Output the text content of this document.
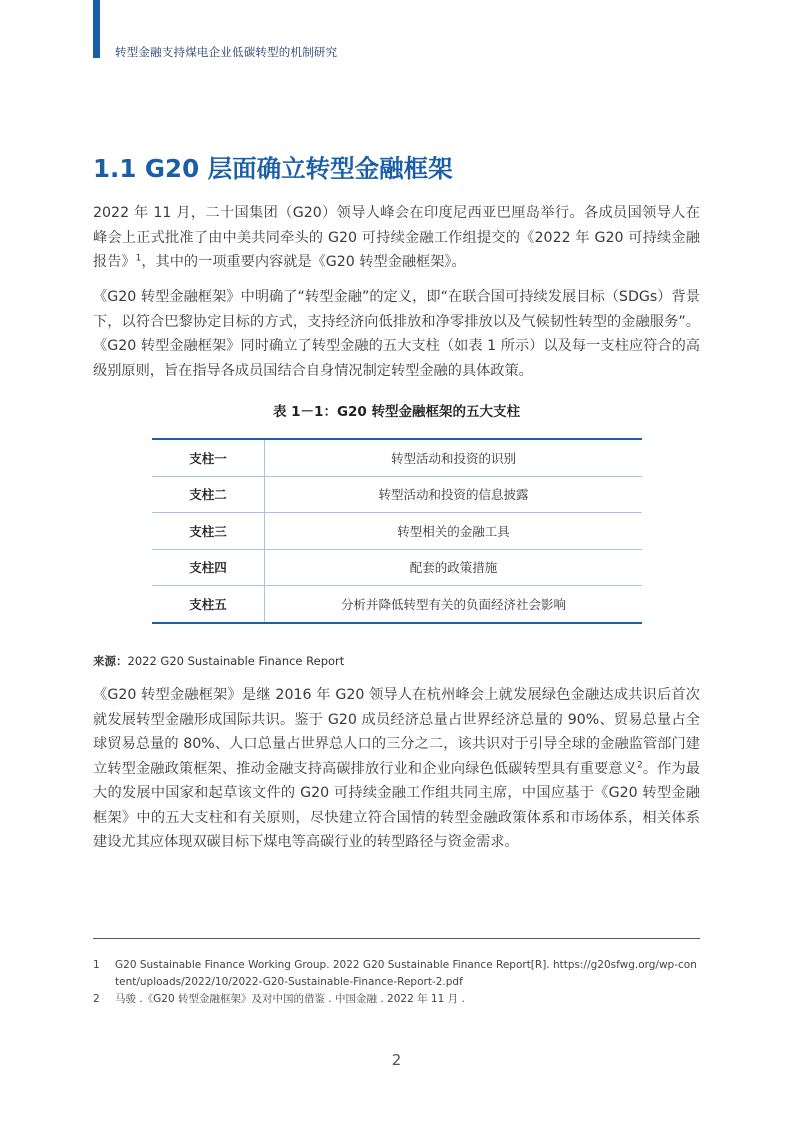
转型金融支持煤电企业低碳转型的机制研究
1.1 G20 层面确立转型金融框架

2022 年 11 月，二十国集团（G20）领导人峰会在印度尼西亚巴厘岛举行。各成员国领导人在峰会上正式批准了由中美共同牵头的 G20 可持续金融工作组提交的《2022 年 G20 可持续金融报告》$^1$，其中的一项重要内容就是《G20 转型金融框架》。

《G20 转型金融框架》中明确了“转型金融”的定义，即“在联合国可持续发展目标（SDGs）背景下，以符合巴黎协定目标的方式，支持经济向低排放和净零排放以及气候韧性转型的金融服务”。《G20 转型金融框架》同时确立了转型金融的五大支柱（如表 1 所示）以及每一支柱应符合的高级别原则，旨在指导各成员国结合自身情况制定转型金融的具体政策。

表 1－1：G20 转型金融框架的五大支柱
支柱一	转型活动和投资的识别
支柱二	转型活动和投资的信息披露
支柱三	转型相关的金融工具
支柱四	配套的政策措施
支柱五	分析并降低转型有关的负面经济社会影响
来源：2022 G20 Sustainable Finance Report

《G20 转型金融框架》是继 2016 年 G20 领导人在杭州峰会上就发展绿色金融达成共识后首次就发展转型金融形成国际共识。鉴于 G20 成员经济总量占世界经济总量的 90%、贸易总量占全球贸易总量的 80%、人口总量占世界总人口的三分之二，该共识对于引导全球的金融监管部门建立转型金融政策框架、推动金融支持高碳排放行业和企业向绿色低碳转型具有重要意义$^2$。作为最大的发展中国家和起草该文件的 G20 可持续金融工作组共同主席，中国应基于《G20 转型金融框架》中的五大支柱和有关原则，尽快建立符合国情的转型金融政策体系和市场体系，相关体系建设尤其应体现双碳目标下煤电等高碳行业的转型路径与资金需求。

1	G20 Sustainable Finance Working Group. 2022 G20 Sustainable Finance Report[R]. https://g20sfwg.org/wp-content/uploads/2022/10/2022-G20-Sustainable-Finance-Report-2.pdf
2	马骏 .《G20 转型金融框架》及对中国的借鉴 . 中国金融 . 2022 年 11 月 .
2
